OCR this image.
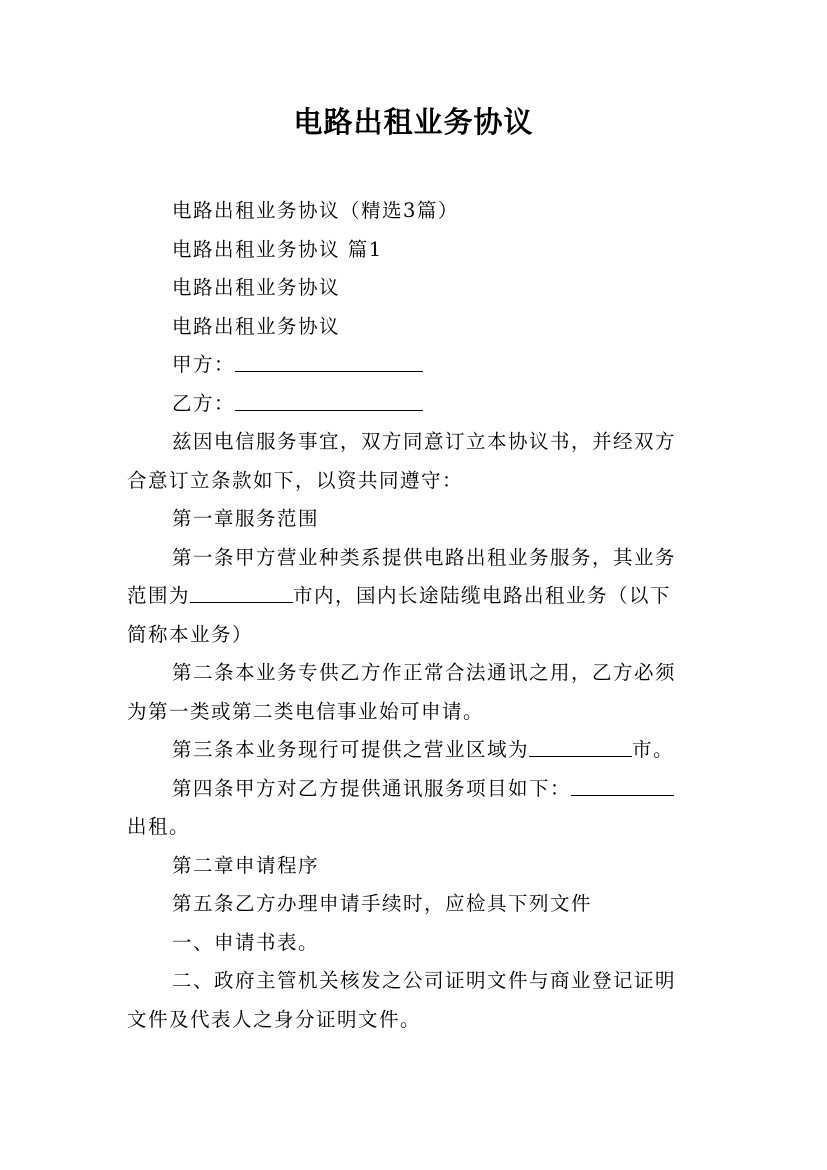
电路出租业务协议
电路出租业务协议（精选3篇）
电路出租业务协议 篇1
电路出租业务协议
电路出租业务协议
甲方：
乙方：
兹因电信服务事宜，双方同意订立本协议书，并经双方
合意订立条款如下，以资共同遵守：
第一章服务范围
第一条甲方营业种类系提供电路出租业务服务，其业务
范围为	市内，国内长途陆缆电路出租业务（以下
简称本业务）
第二条本业务专供乙方作正常合法通讯之用，乙方必须
为第一类或第二类电信事业始可申请。
第三条本业务现行可提供之营业区域为	市。
第四条甲方对乙方提供通讯服务项目如下：
出租。
第二章申请程序
第五条乙方办理申请手续时，应检具下列文件
一、申请书表。
二、政府主管机关核发之公司证明文件与商业登记证明
文件及代表人之身分证明文件。
